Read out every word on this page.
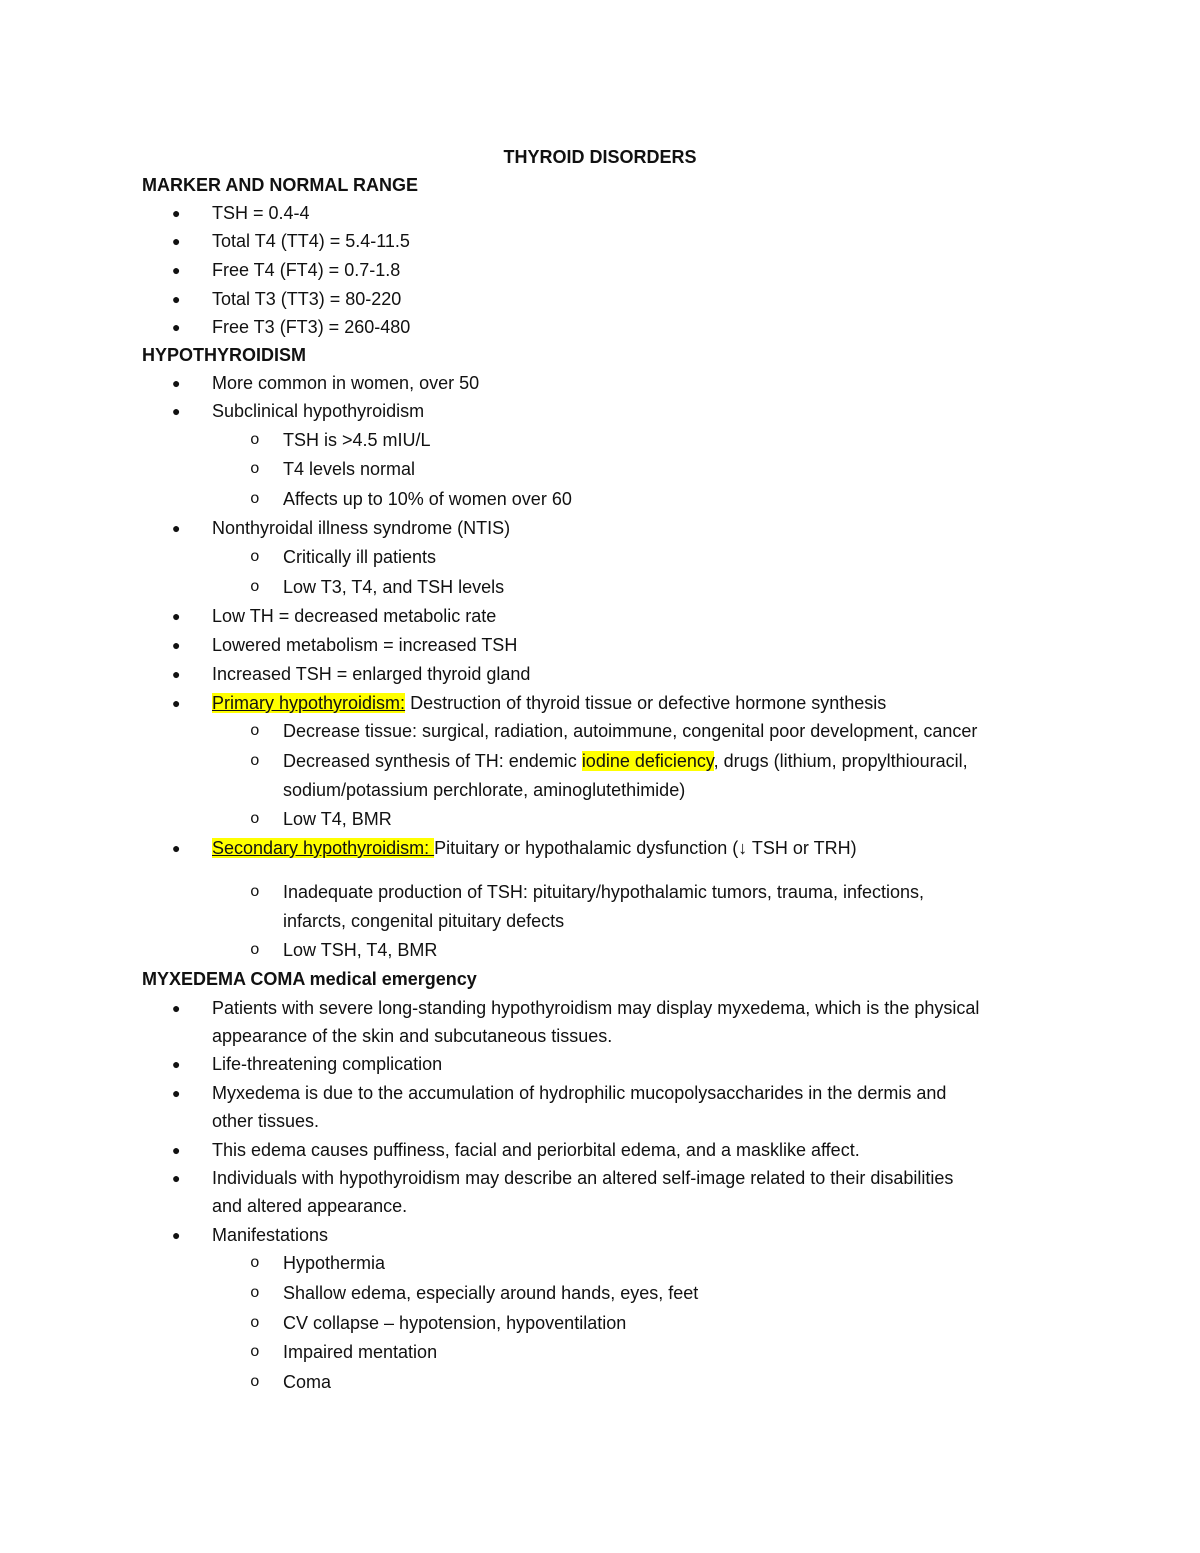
THYROID DISORDERS
MARKER AND NORMAL RANGE
● TSH = 0.4-4
● Total T4 (TT4) = 5.4-11.5
● Free T4 (FT4) = 0.7-1.8
● Total T3 (TT3) = 80-220
● Free T3 (FT3) = 260-480
HYPOTHYROIDISM
● More common in women, over 50
● Subclinical hypothyroidism
o TSH is >4.5 mIU/L
o T4 levels normal
o Affects up to 10% of women over 60
● Nonthyroidal illness syndrome (NTIS)
o Critically ill patients
o Low T3, T4, and TSH levels
● Low TH = decreased metabolic rate
● Lowered metabolism = increased TSH
● Increased TSH = enlarged thyroid gland
● Primary hypothyroidism: Destruction of thyroid tissue or defective hormone synthesis
o Decrease tissue: surgical, radiation, autoimmune, congenital poor development, cancer
o Decreased synthesis of TH: endemic iodine deficiency, drugs (lithium, propylthiouracil,
sodium/potassium perchlorate, aminoglutethimide)
o Low T4, BMR
● Secondary hypothyroidism: Pituitary or hypothalamic dysfunction (↓ TSH or TRH)
o Inadequate production of TSH: pituitary/hypothalamic tumors, trauma, infections,
infarcts, congenital pituitary defects
o Low TSH, T4, BMR
MYXEDEMA COMA medical emergency
● Patients with severe long-standing hypothyroidism may display myxedema, which is the physical
appearance of the skin and subcutaneous tissues.
● Life-threatening complication
● Myxedema is due to the accumulation of hydrophilic mucopolysaccharides in the dermis and
other tissues.
● This edema causes puffiness, facial and periorbital edema, and a masklike affect.
● Individuals with hypothyroidism may describe an altered self-image related to their disabilities
and altered appearance.
● Manifestations
o Hypothermia
o Shallow edema, especially around hands, eyes, feet
o CV collapse – hypotension, hypoventilation
o Impaired mentation
o Coma
